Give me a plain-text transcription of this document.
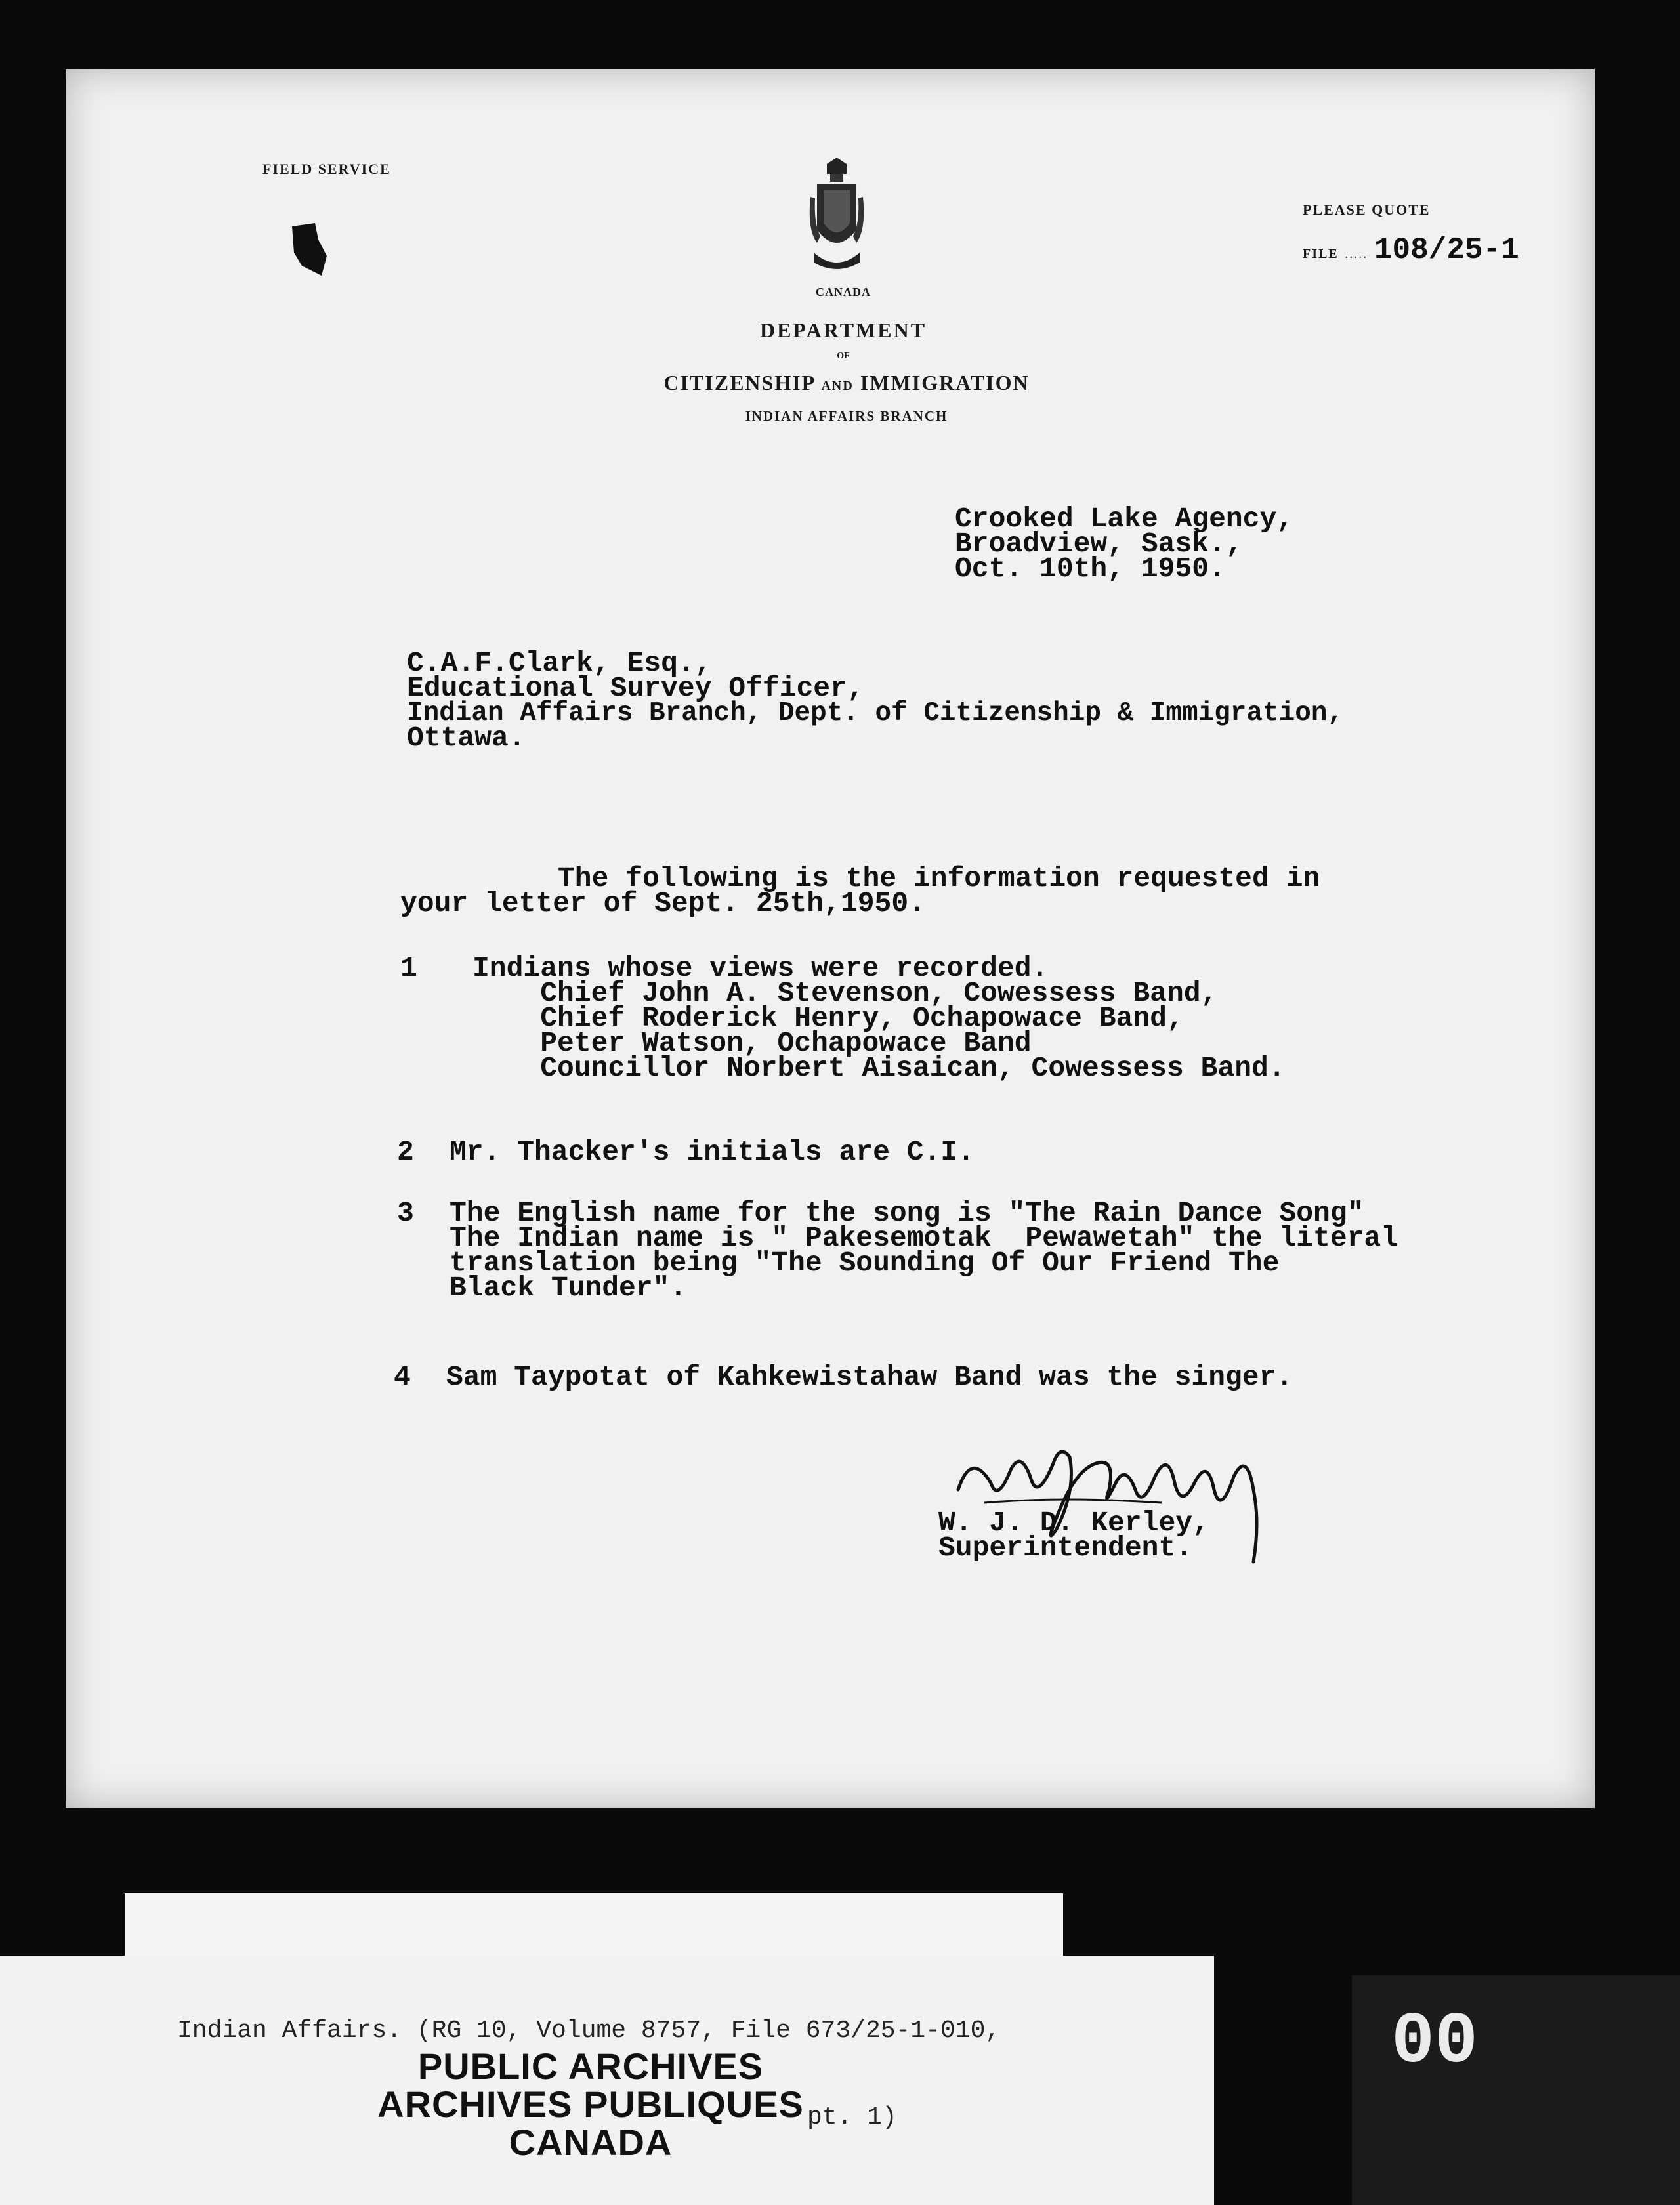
FIELD SERVICE
CANADA
DEPARTMENT
OF
CITIZENSHIP AND IMMIGRATION
INDIAN AFFAIRS BRANCH
PLEASE QUOTE
FILE ..... 108/25-1
Crooked Lake Agency,
Broadview, Sask.,
Oct. 10th, 1950.
C.A.F.Clark, Esq.,
Educational Survey Officer,
Indian Affairs Branch, Dept. of Citizenship & Immigration,
Ottawa.
The following is the information requested in
your letter of Sept. 25th,1950.
1 Indians whose views were recorded.
Chief John A. Stevenson, Cowessess Band,
Chief Roderick Henry, Ochapowace Band,
Peter Watson, Ochapowace Band
Councillor Norbert Aisaican, Cowessess Band.
2 Mr. Thacker's initials are C.I.
3 The English name for the song is "The Rain Dance Song"
The Indian name is " Pakesemotak  Pewawetah" the literal
translation being "The Sounding Of Our Friend The
Black Tunder".
4 Sam Taypotat of Kahkewistahaw Band was the singer.
W. J. D. Kerley,
Superintendent.

Indian Affairs. (RG 10, Volume 8757, File 673/25-1-010,

pt. 1)

PUBLIC ARCHIVES
ARCHIVES PUBLIQUES
CANADA
00
